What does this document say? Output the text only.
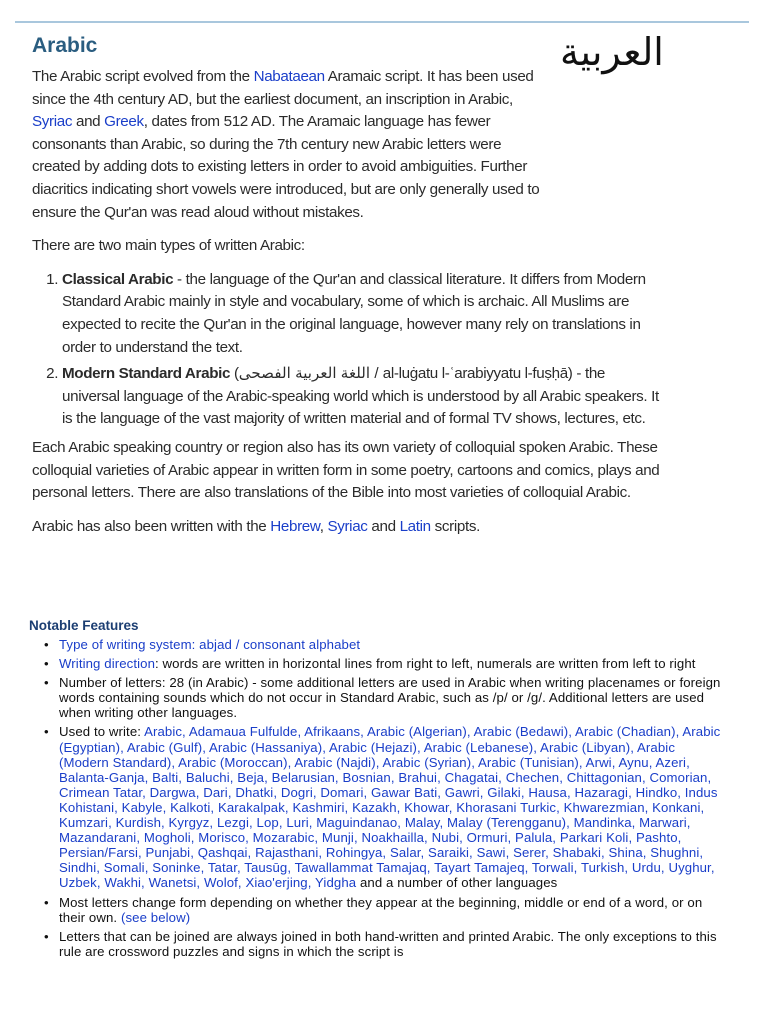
Arabic	العربية

The Arabic script evolved from the Nabataean Aramaic script. It has been used since the 4th century AD, but the earliest document, an inscription in Arabic, Syriac and Greek, dates from 512 AD. The Aramaic language has fewer consonants than Arabic, so during the 7th century new Arabic letters were created by adding dots to existing letters in order to avoid ambiguities. Further diacritics indicating short vowels were introduced, but are only generally used to ensure the Qur'an was read aloud without mistakes.

There are two main types of written Arabic:

1. Classical Arabic - the language of the Qur'an and classical literature. It differs from Modern Standard Arabic mainly in style and vocabulary, some of which is archaic. All Muslims are expected to recite the Qur'an in the original language, however many rely on translations in order to understand the text.
2. Modern Standard Arabic (اللغة العربية الفصحى / al-luġatu l-ʿarabiyyatu l-fuṣḥā) - the universal language of the Arabic-speaking world which is understood by all Arabic speakers. It is the language of the vast majority of written material and of formal TV shows, lectures, etc.

Each Arabic speaking country or region also has its own variety of colloquial spoken Arabic. These colloquial varieties of Arabic appear in written form in some poetry, cartoons and comics, plays and personal letters. There are also translations of the Bible into most varieties of colloquial Arabic.

Arabic has also been written with the Hebrew, Syriac and Latin scripts.

Notable Features
• Type of writing system: abjad / consonant alphabet
• Writing direction: words are written in horizontal lines from right to left, numerals are written from left to right
• Number of letters: 28 (in Arabic) - some additional letters are used in Arabic when writing placenames or foreign words containing sounds which do not occur in Standard Arabic, such as /p/ or /g/. Additional letters are used when writing other languages.
• Used to write: Arabic, Adamaua Fulfulde, Afrikaans, Arabic (Algerian), Arabic (Bedawi), Arabic (Chadian), Arabic (Egyptian), Arabic (Gulf), Arabic (Hassaniya), Arabic (Hejazi), Arabic (Lebanese), Arabic (Libyan), Arabic (Modern Standard), Arabic (Moroccan), Arabic (Najdi), Arabic (Syrian), Arabic (Tunisian), Arwi, Aynu, Azeri, Balanta-Ganja, Balti, Baluchi, Beja, Belarusian, Bosnian, Brahui, Chagatai, Chechen, Chittagonian, Comorian, Crimean Tatar, Dargwa, Dari, Dhatki, Dogri, Domari, Gawar Bati, Gawri, Gilaki, Hausa, Hazaragi, Hindko, Indus Kohistani, Kabyle, Kalkoti, Karakalpak, Kashmiri, Kazakh, Khowar, Khorasani Turkic, Khwarezmian, Konkani, Kumzari, Kurdish, Kyrgyz, Lezgi, Lop, Luri, Maguindanao, Malay, Malay (Terengganu), Mandinka, Marwari, Mazandarani, Mogholi, Morisco, Mozarabic, Munji, Noakhailla, Nubi, Ormuri, Palula, Parkari Koli, Pashto, Persian/Farsi, Punjabi, Qashqai, Rajasthani, Rohingya, Salar, Saraiki, Sawi, Serer, Shabaki, Shina, Shughni, Sindhi, Somali, Soninke, Tatar, Tausūg, Tawallammat Tamajaq, Tayart Tamajeq, Torwali, Turkish, Urdu, Uyghur, Uzbek, Wakhi, Wanetsi, Wolof, Xiao'erjing, Yidgha and a number of other languages
• Most letters change form depending on whether they appear at the beginning, middle or end of a word, or on their own. (see below)
• Letters that can be joined are always joined in both hand-written and printed Arabic. The only exceptions to this rule are crossword puzzles and signs in which the script is
